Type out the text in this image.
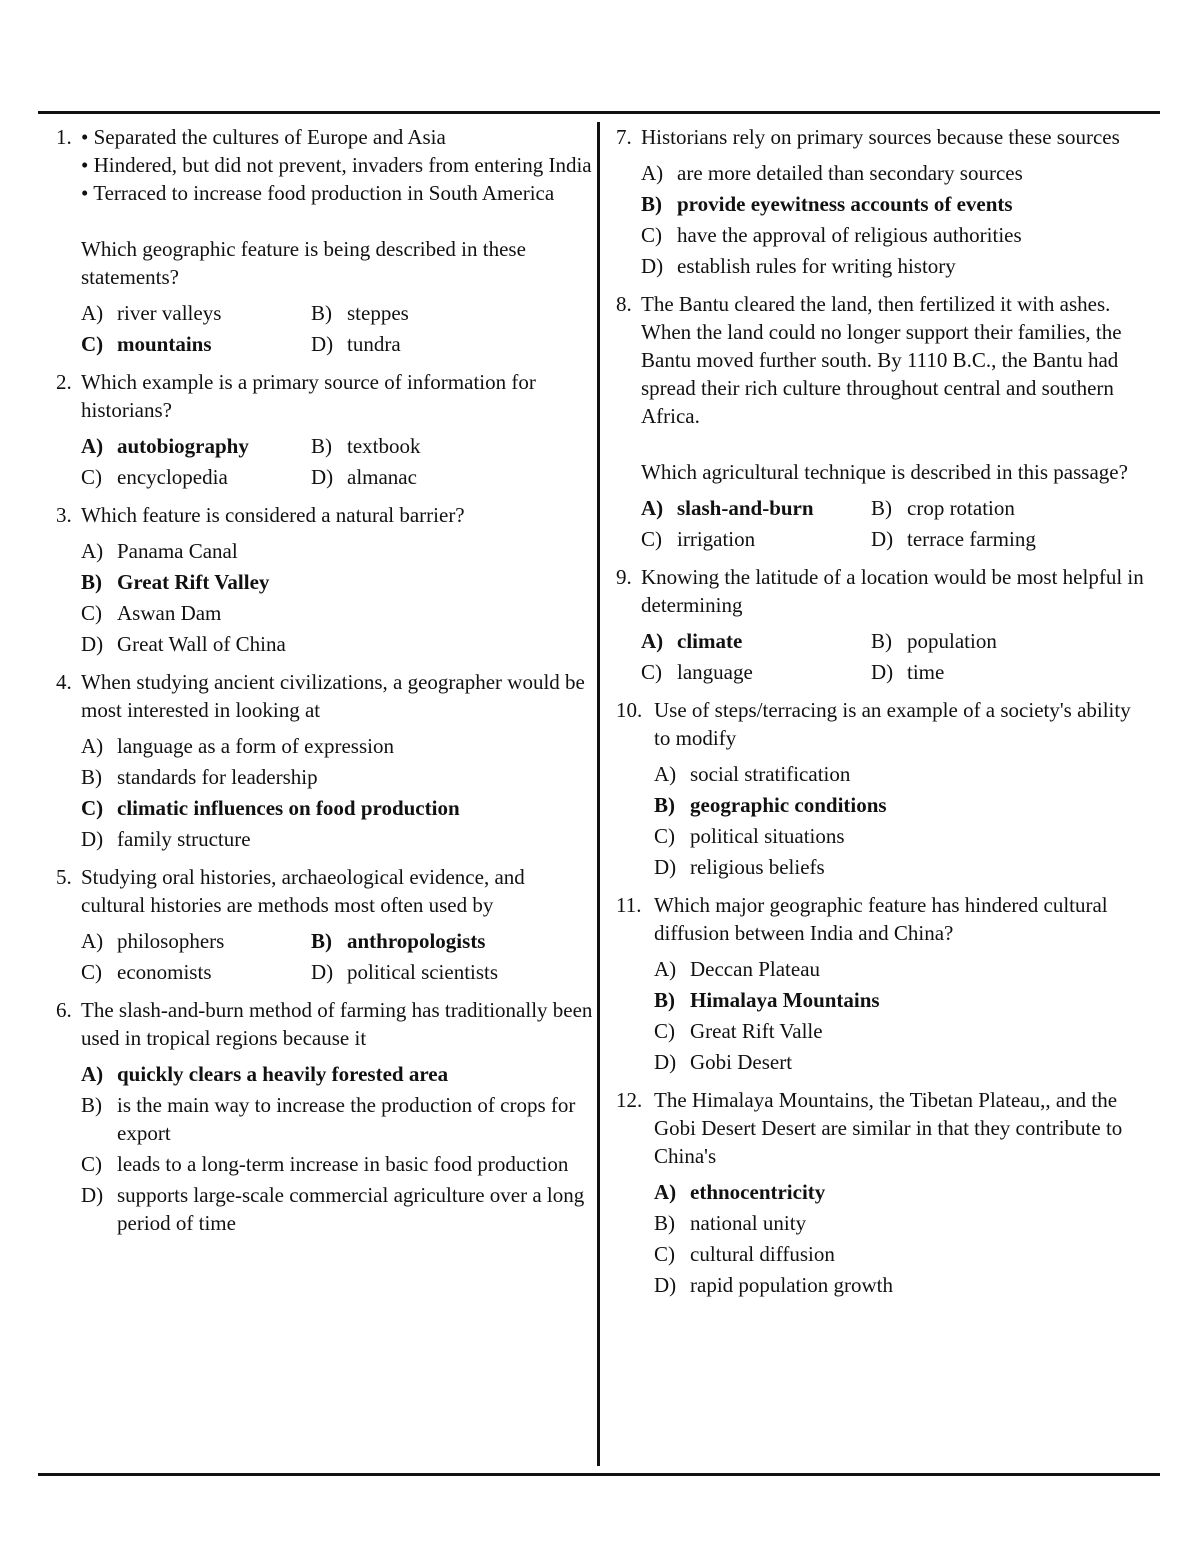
1. • Separated the cultures of Europe and Asia
• Hindered, but did not prevent, invaders from entering India
• Terraced to increase food production in South America
Which geographic feature is being described in these statements?
A) river valleys	B) steppes
C) mountains	D) tundra
2. Which example is a primary source of information for historians?
A) autobiography	B) textbook
C) encyclopedia	D) almanac
3. Which feature is considered a natural barrier?
A) Panama Canal
B) Great Rift Valley
C) Aswan Dam
D) Great Wall of China
4. When studying ancient civilizations, a geographer would be most interested in looking at
A) language as a form of expression
B) standards for leadership
C) climatic influences on food production
D) family structure
5. Studying oral histories, archaeological evidence, and cultural histories are methods most often used by
A) philosophers	B) anthropologists
C) economists	D) political scientists
6. The slash-and-burn method of farming has traditionally been used in tropical regions because it
A) quickly clears a heavily forested area
B) is the main way to increase the production of crops for export
C) leads to a long-term increase in basic food production
D) supports large-scale commercial agriculture over a long period of time
7. Historians rely on primary sources because these sources
A) are more detailed than secondary sources
B) provide eyewitness accounts of events
C) have the approval of religious authorities
D) establish rules for writing history
8. The Bantu cleared the land, then fertilized it with ashes. When the land could no longer support their families, the Bantu moved further south. By 1110 B.C., the Bantu had spread their rich culture throughout central and southern Africa.
Which agricultural technique is described in this passage?
A) slash-and-burn	B) crop rotation
C) irrigation	D) terrace farming
9. Knowing the latitude of a location would be most helpful in determining
A) climate	B) population
C) language	D) time
10. Use of steps/terracing is an example of a society's ability to modify
A) social stratification
B) geographic conditions
C) political situations
D) religious beliefs
11. Which major geographic feature has hindered cultural diffusion between India and China?
A) Deccan Plateau
B) Himalaya Mountains
C) Great Rift Valle
D) Gobi Desert
12. The Himalaya Mountains, the Tibetan Plateau,, and the Gobi Desert Desert are similar in that they contribute to China's
A) ethnocentricity
B) national unity
C) cultural diffusion
D) rapid population growth
